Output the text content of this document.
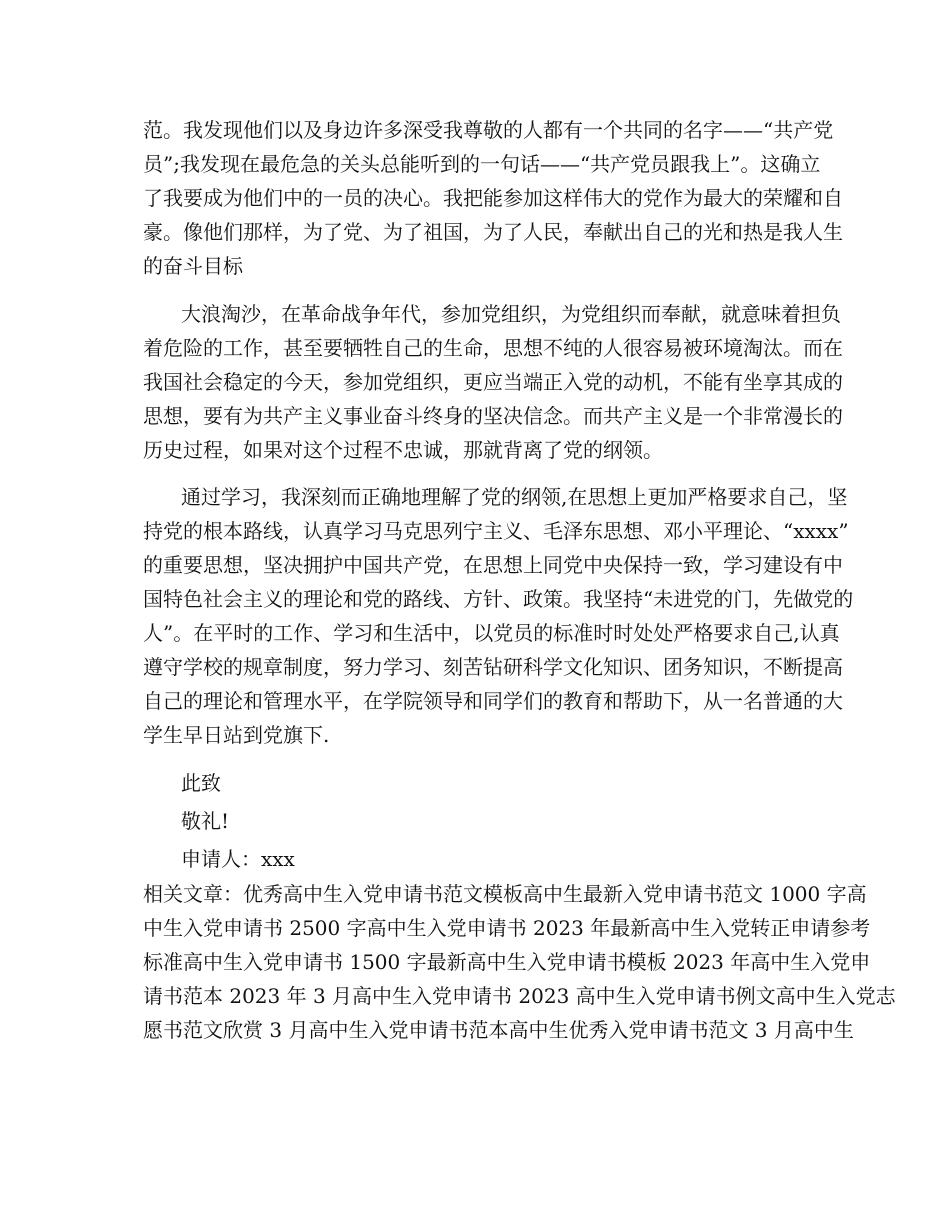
范。我发现他们以及身边许多深受我尊敬的人都有一个共同的名字——“共产党
员”;我发现在最危急的关头总能听到的一句话——“共产党员跟我上”。这确立
了我要成为他们中的一员的决心。我把能参加这样伟大的党作为最大的荣耀和自
豪。像他们那样，为了党、为了祖国，为了人民，奉献出自己的光和热是我人生
的奋斗目标
大浪淘沙，在革命战争年代，参加党组织，为党组织而奉献，就意味着担负
着危险的工作，甚至要牺牲自己的生命，思想不纯的人很容易被环境淘汰。而在
我国社会稳定的今天，参加党组织，更应当端正入党的动机，不能有坐享其成的
思想，要有为共产主义事业奋斗终身的坚决信念。而共产主义是一个非常漫长的
历史过程，如果对这个过程不忠诚，那就背离了党的纲领。
通过学习，我深刻而正确地理解了党的纲领,在思想上更加严格要求自己，坚
持党的根本路线，认真学习马克思列宁主义、毛泽东思想、邓小平理论、“xxxx”
的重要思想，坚决拥护中国共产党，在思想上同党中央保持一致，学习建设有中
国特色社会主义的理论和党的路线、方针、政策。我坚持“未进党的门，先做党的
人”。在平时的工作、学习和生活中，以党员的标准时时处处严格要求自己,认真
遵守学校的规章制度，努力学习、刻苦钻研科学文化知识、团务知识，不断提高
自己的理论和管理水平，在学院领导和同学们的教育和帮助下，从一名普通的大
学生早日站到党旗下.
此致
敬礼!
申请人：xxx
相关文章：优秀高中生入党申请书范文模板高中生最新入党申请书范文 1000 字高
中生入党申请书 2500 字高中生入党申请书 2023 年最新高中生入党转正申请参考
标准高中生入党申请书 1500 字最新高中生入党申请书模板 2023 年高中生入党申
请书范本 2023 年 3 月高中生入党申请书 2023 高中生入党申请书例文高中生入党志
愿书范文欣赏 3 月高中生入党申请书范本高中生优秀入党申请书范文 3 月高中生
